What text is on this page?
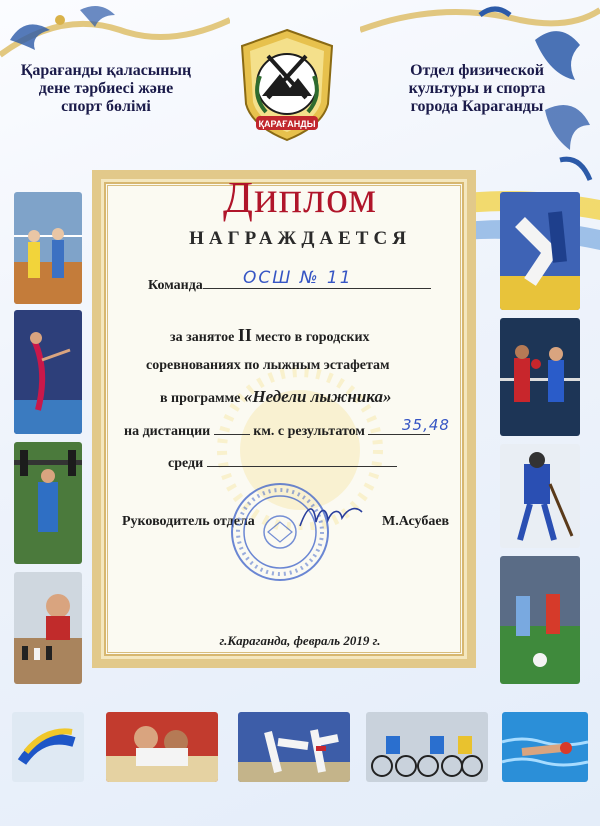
Қарағанды қаласының
дене тәрбиесі және
спорт бөлімі
Отдел физической
культуры и спорта
города Караганды
ҚАРАҒАНДЫ
Диплом
НАГРАЖДАЕТСЯ
Команда	ОСШ № 11
за занятое II место в городских
соревнованиях по лыжным эстафетам
в программе «Недели лыжника»
на дистанции	км. с результатом	35,48
среди
Руководитель отдела	М.Асубаев
г.Караганда, февраль 2019 г.
